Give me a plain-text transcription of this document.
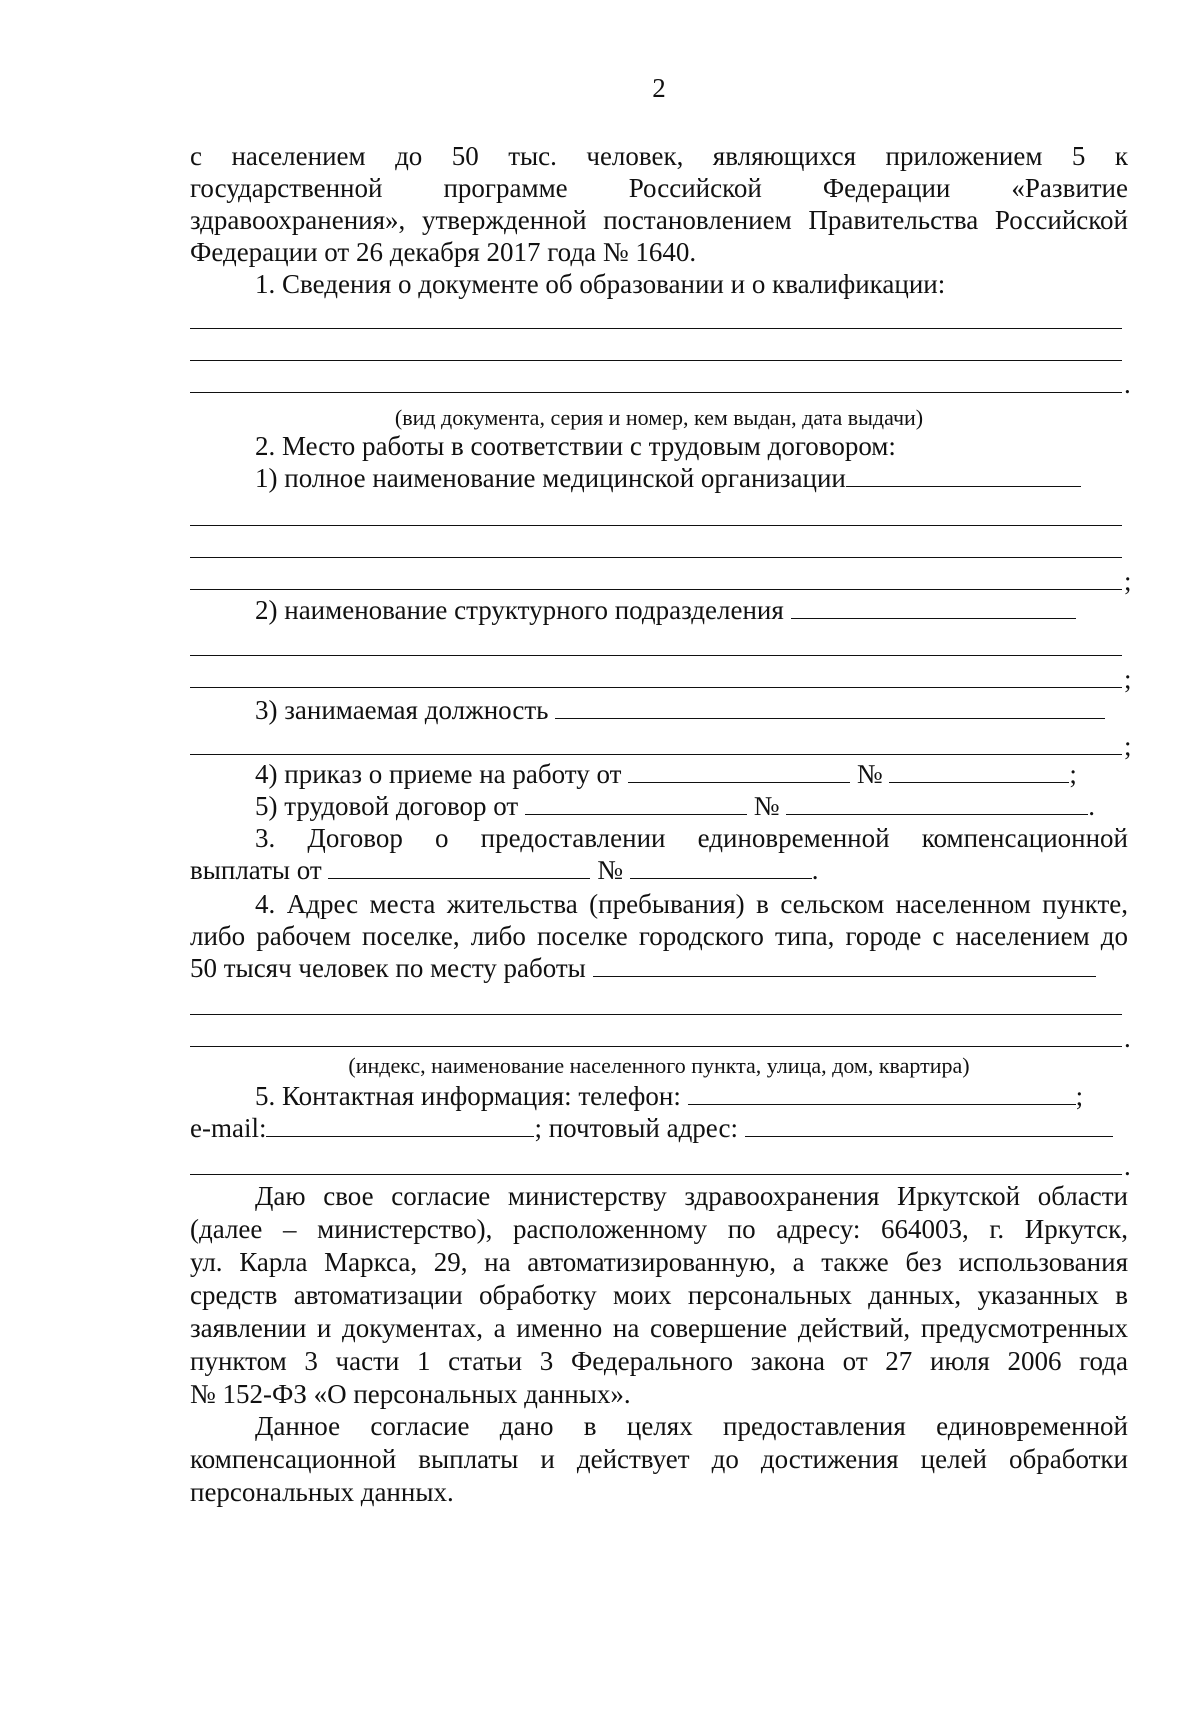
2
с населением до 50 тыс. человек, являющихся приложением 5 к
государственной программе Российской Федерации «Развитие
здравоохранения», утвержденной постановлением Правительства Российской
Федерации от 26 декабря 2017 года № 1640.
1. Сведения о документе об образовании и о квалификации:
.
(вид документа, серия и номер, кем выдан, дата выдачи)
2. Место работы в соответствии с трудовым договором:
1) полное наименование медицинской организации
;
2) наименование структурного подразделения
;
3) занимаемая должность
;
4) приказ о приеме на работу от	№	;
5) трудовой договор от	№	.
3. Договор о предоставлении единовременной компенсационной
выплаты от	№	.
4. Адрес места жительства (пребывания) в сельском населенном пункте,
либо рабочем поселке, либо поселке городского типа, городе с населением до
50 тысяч человек по месту работы
.
(индекс, наименование населенного пункта, улица, дом, квартира)
5. Контактная информация: телефон:	;
e-mail:	; почтовый адрес:
.
Даю свое согласие министерству здравоохранения Иркутской области
(далее – министерство), расположенному по адресу: 664003, г. Иркутск,
ул. Карла Маркса, 29, на автоматизированную, а также без использования
средств автоматизации обработку моих персональных данных, указанных в
заявлении и документах, а именно на совершение действий, предусмотренных
пунктом 3 части 1 статьи 3 Федерального закона от 27 июля 2006 года
№ 152-ФЗ «О персональных данных».
Данное согласие дано в целях предоставления единовременной
компенсационной выплаты и действует до достижения целей обработки
персональных данных.
